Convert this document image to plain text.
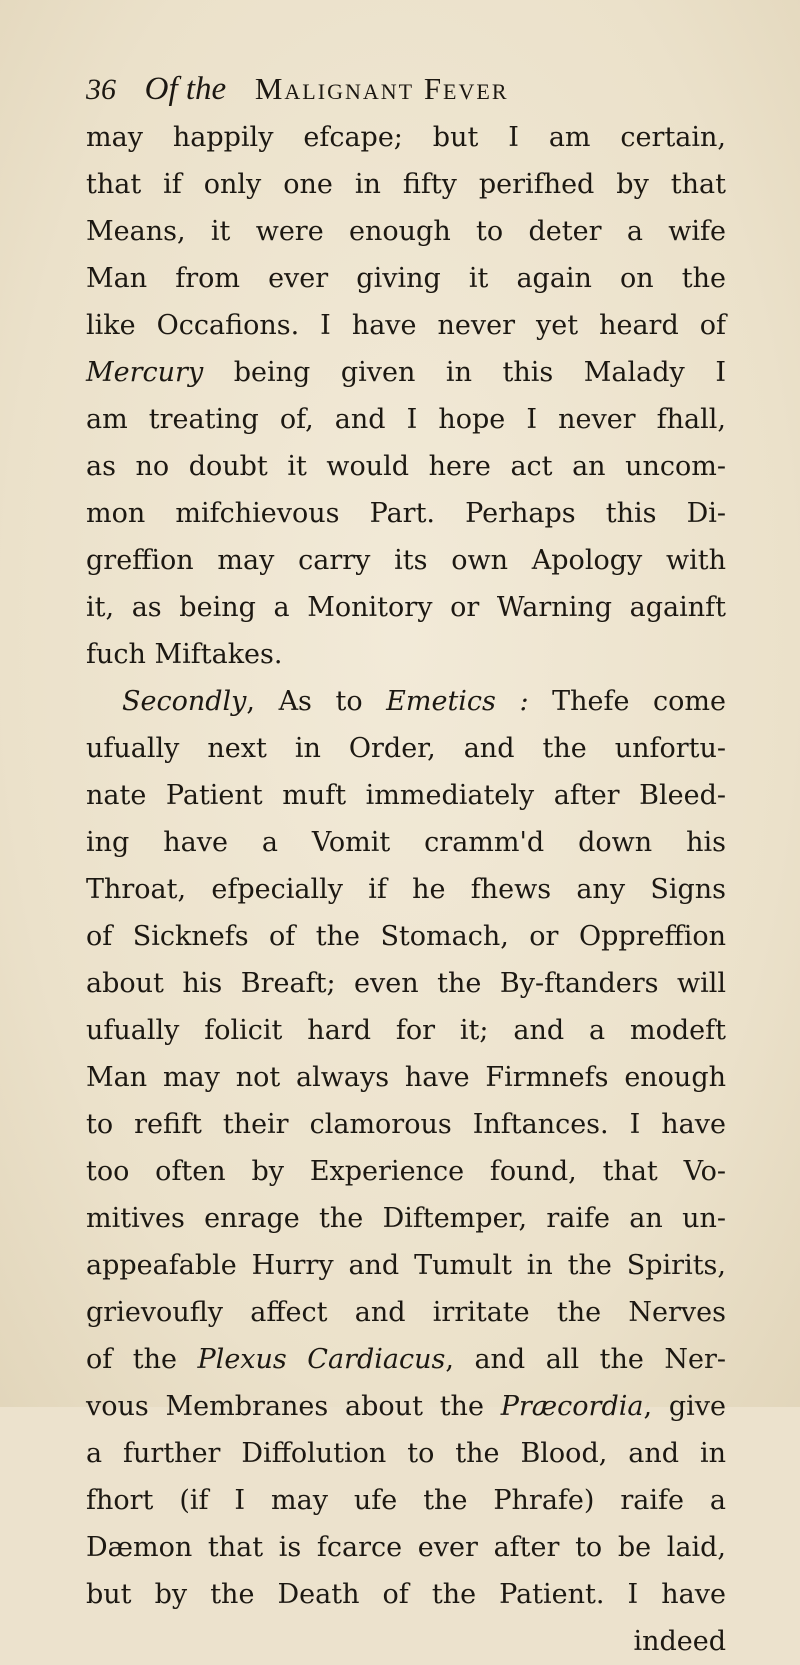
36 Of the Malignant Fever
may happily efcape; but I am certain,
that if only one in fifty perifhed by that
Means, it were enough to deter a wife
Man from ever giving it again on the
like Occafions. I have never yet heard of
Mercury being given in this Malady I
am treating of, and I hope I never fhall,
as no doubt it would here act an uncom-
mon mifchievous Part. Perhaps this Di-
greffion may carry its own Apology with
it, as being a Monitory or Warning againft
fuch Miftakes.
Secondly, As to Emetics : Thefe come
ufually next in Order, and the unfortu-
nate Patient muft immediately after Bleed-
ing have a Vomit cramm'd down his
Throat, efpecially if he fhews any Signs
of Sicknefs of the Stomach, or Oppreffion
about his Breaft; even the By-ftanders will
ufually folicit hard for it; and a modeft
Man may not always have Firmnefs enough
to refift their clamorous Inftances. I have
too often by Experience found, that Vo-
mitives enrage the Diftemper, raife an un-
appeafable Hurry and Tumult in the Spirits,
grievoufly affect and irritate the Nerves
of the Plexus Cardiacus, and all the Ner-
vous Membranes about the Præcordia, give
a further Diffolution to the Blood, and in
fhort (if I may ufe the Phrafe) raife a
Dæmon that is fcarce ever after to be laid,
but by the Death of the Patient. I have
indeed
